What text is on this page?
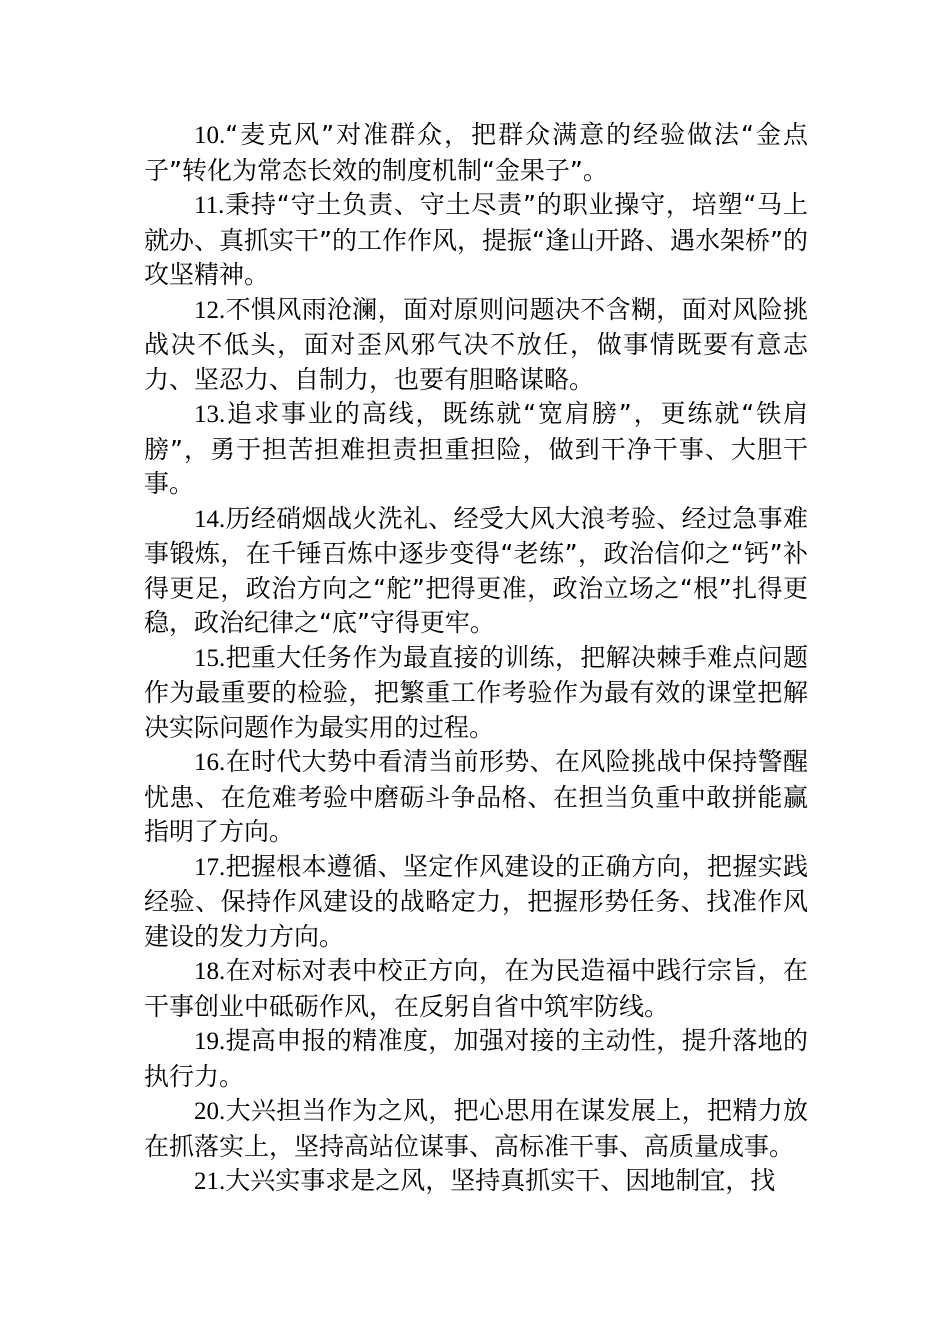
10.“麦克风”对准群众，把群众满意的经验做法“金点子”转化为常态长效的制度机制“金果子”。

11.秉持“守土负责、守土尽责”的职业操守，培塑“马上就办、真抓实干”的工作作风，提振“逢山开路、遇水架桥”的攻坚精神。

12.不惧风雨沧澜，面对原则问题决不含糊，面对风险挑战决不低头，面对歪风邪气决不放任，做事情既要有意志力、坚忍力、自制力，也要有胆略谋略。

13.追求事业的高线，既练就“宽肩膀”，更练就“铁肩膀”，勇于担苦担难担责担重担险，做到干净干事、大胆干事。

14.历经硝烟战火洗礼、经受大风大浪考验、经过急事难事锻炼，在千锤百炼中逐步变得“老练”，政治信仰之“钙”补得更足，政治方向之“舵”把得更准，政治立场之“根”扎得更稳，政治纪律之“底”守得更牢。

15.把重大任务作为最直接的训练，把解决棘手难点问题作为最重要的检验，把繁重工作考验作为最有效的课堂把解决实际问题作为最实用的过程。

16.在时代大势中看清当前形势、在风险挑战中保持警醒忧患、在危难考验中磨砺斗争品格、在担当负重中敢拼能赢指明了方向。

17.把握根本遵循、坚定作风建设的正确方向，把握实践经验、保持作风建设的战略定力，把握形势任务、找准作风建设的发力方向。

18.在对标对表中校正方向，在为民造福中践行宗旨，在干事创业中砥砺作风，在反躬自省中筑牢防线。

19.提高申报的精准度，加强对接的主动性，提升落地的执行力。

20.大兴担当作为之风，把心思用在谋发展上，把精力放在抓落实上，坚持高站位谋事、高标准干事、高质量成事。

21.大兴实事求是之风，坚持真抓实干、因地制宜，找
